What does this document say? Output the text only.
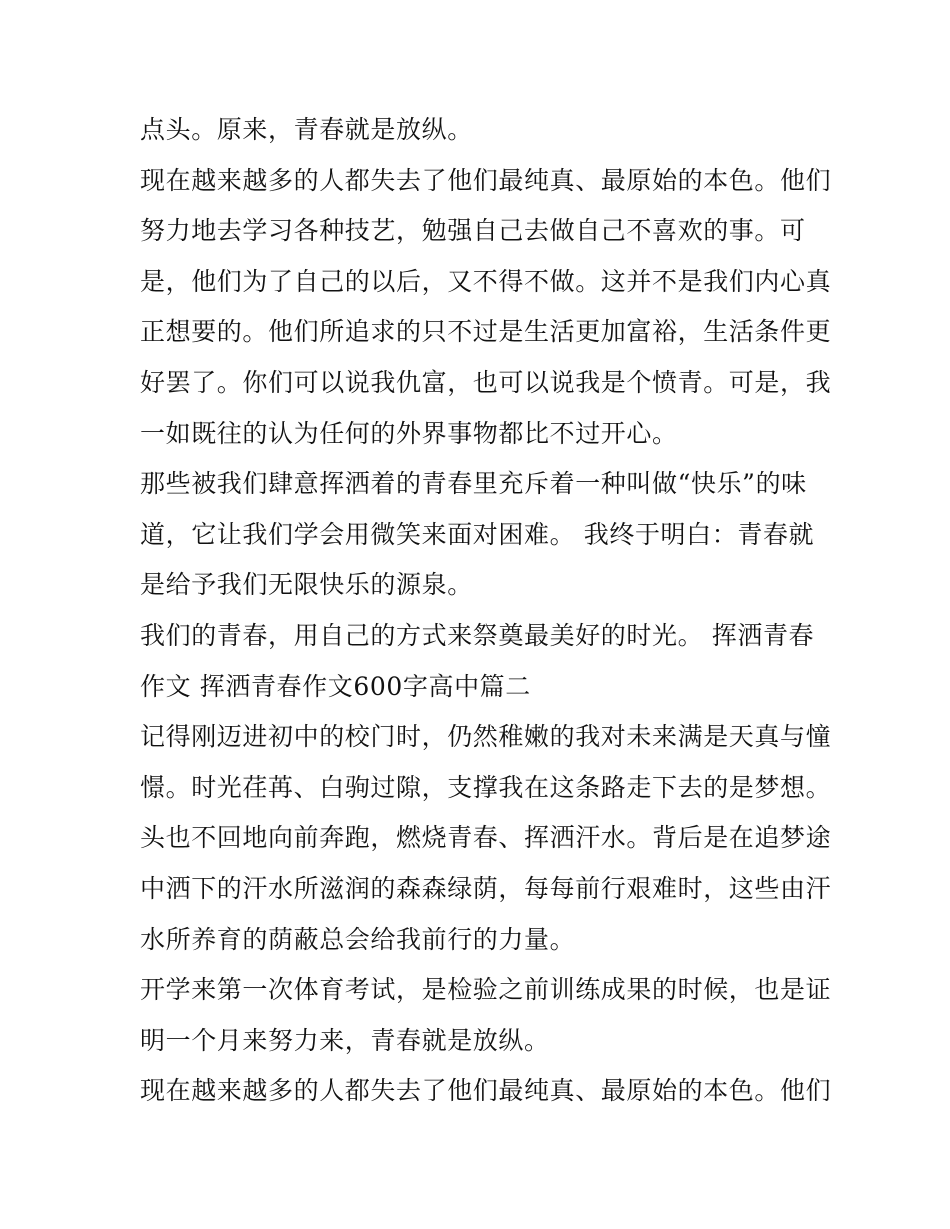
点头。原来，青春就是放纵。
现在越来越多的人都失去了他们最纯真、最原始的本色。他们
努力地去学习各种技艺，勉强自己去做自己不喜欢的事。可
是，他们为了自己的以后，又不得不做。这并不是我们内心真
正想要的。他们所追求的只不过是生活更加富裕，生活条件更
好罢了。你们可以说我仇富，也可以说我是个愤青。可是，我
一如既往的认为任何的外界事物都比不过开心。
那些被我们肆意挥洒着的青春里充斥着一种叫做“快乐”的味
道，它让我们学会用微笑来面对困难。 我终于明白：青春就
是给予我们无限快乐的源泉。
我们的青春，用自己的方式来祭奠最美好的时光。 挥洒青春
作文 挥洒青春作文600字高中篇二
记得刚迈进初中的校门时，仍然稚嫩的我对未来满是天真与憧
憬。时光荏苒、白驹过隙，支撑我在这条路走下去的是梦想。
头也不回地向前奔跑，燃烧青春、挥洒汗水。背后是在追梦途
中洒下的汗水所滋润的森森绿荫，每每前行艰难时，这些由汗
水所养育的荫蔽总会给我前行的力量。
开学来第一次体育考试，是检验之前训练成果的时候，也是证
明一个月来努力来，青春就是放纵。
现在越来越多的人都失去了他们最纯真、最原始的本色。他们
